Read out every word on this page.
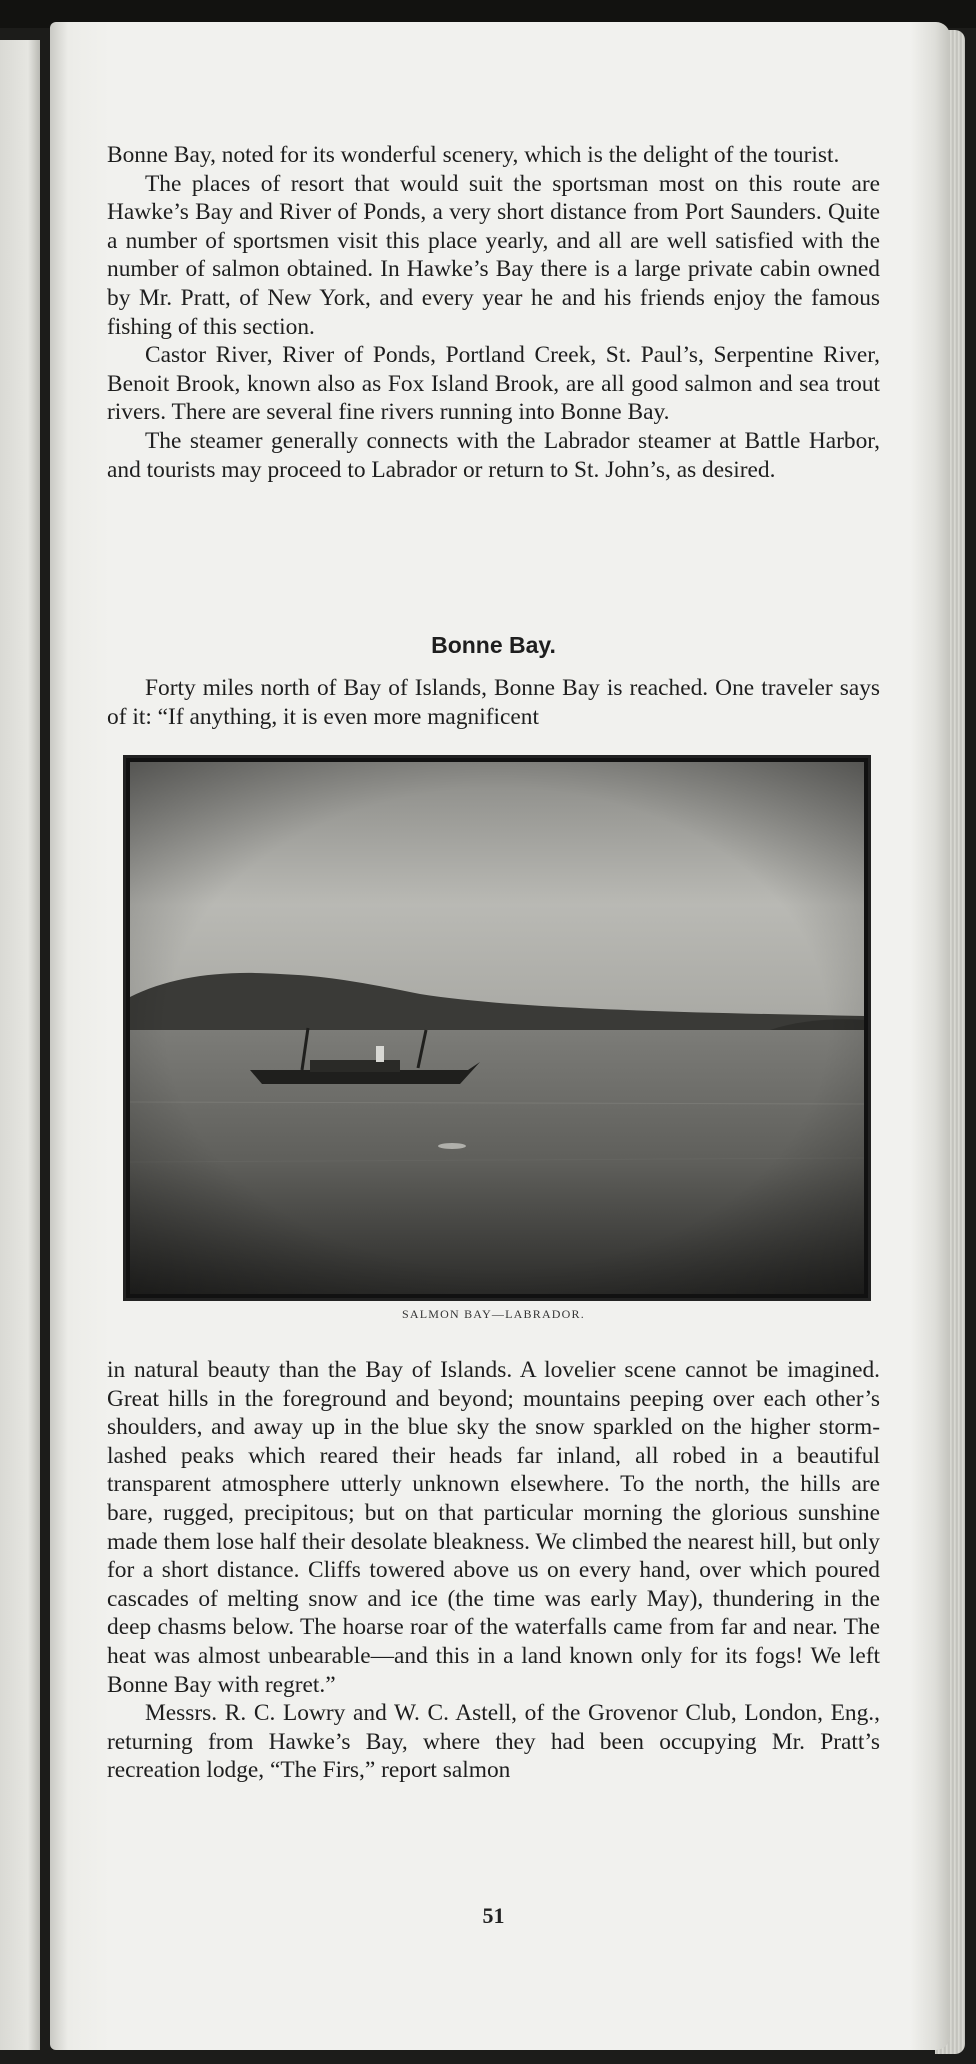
Bonne Bay, noted for its wonderful scenery, which is the delight of the tourist.

The places of resort that would suit the sportsman most on this route are Hawke’s Bay and River of Ponds, a very short distance from Port Saunders. Quite a number of sportsmen visit this place yearly, and all are well satisfied with the number of salmon obtained. In Hawke’s Bay there is a large private cabin owned by Mr. Pratt, of New York, and every year he and his friends enjoy the famous fishing of this section.

Castor River, River of Ponds, Portland Creek, St. Paul’s, Serpentine River, Benoit Brook, known also as Fox Island Brook, are all good salmon and sea trout rivers. There are several fine rivers running into Bonne Bay.

The steamer generally connects with the Labrador steamer at Battle Harbor, and tourists may proceed to Labrador or return to St. John’s, as desired.

Bonne Bay.

Forty miles north of Bay of Islands, Bonne Bay is reached. One traveler says of it: “If anything, it is even more magnificent

SALMON BAY—LABRADOR.

in natural beauty than the Bay of Islands. A lovelier scene cannot be imagined. Great hills in the foreground and beyond; mountains peeping over each other’s shoulders, and away up in the blue sky the snow sparkled on the higher storm-lashed peaks which reared their heads far inland, all robed in a beautiful transparent atmosphere utterly unknown elsewhere. To the north, the hills are bare, rugged, precipitous; but on that particular morning the glorious sunshine made them lose half their desolate bleakness. We climbed the nearest hill, but only for a short distance. Cliffs towered above us on every hand, over which poured cascades of melting snow and ice (the time was early May), thundering in the deep chasms below. The hoarse roar of the waterfalls came from far and near. The heat was almost unbearable—and this in a land known only for its fogs! We left Bonne Bay with regret.”

Messrs. R. C. Lowry and W. C. Astell, of the Grovenor Club, London, Eng., returning from Hawke’s Bay, where they had been occupying Mr. Pratt’s recreation lodge, “The Firs,” report salmon

51
